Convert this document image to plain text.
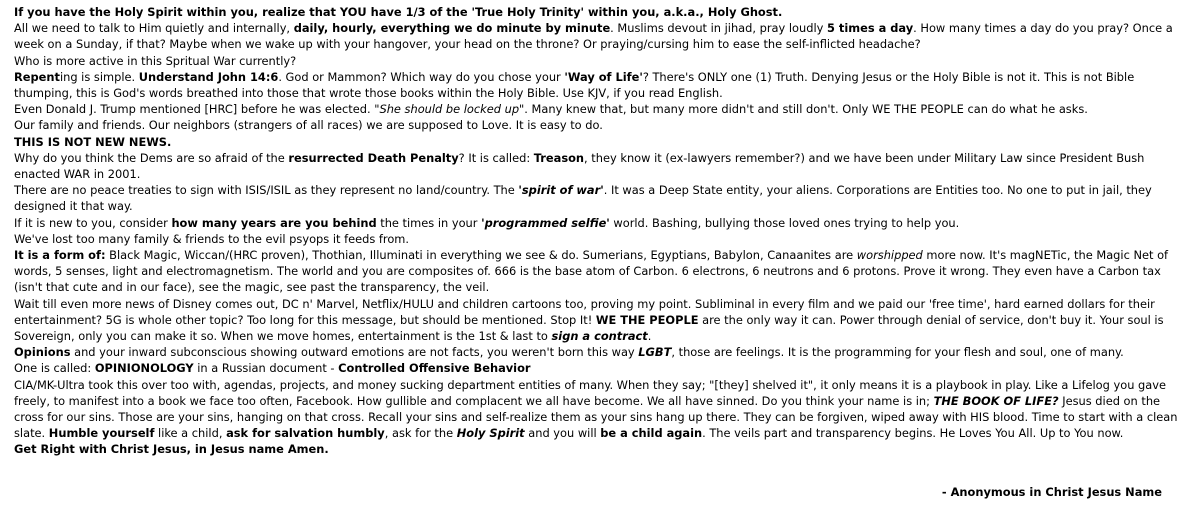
If you have the Holy Spirit within you, realize that YOU have 1/3 of the 'True Holy Trinity' within you, a.k.a., Holy Ghost.

All we need to talk to Him quietly and internally, daily, hourly, everything we do minute by minute. Muslims devout in jihad, pray loudly 5 times a day. How many times a day do you pray? Once a week on a Sunday, if that? Maybe when we wake up with your hangover, your head on the throne? Or praying/cursing him to ease the self-inflicted headache?

Who is more active in this Spritual War currently?

Repenting is simple. Understand John 14:6. God or Mammon? Which way do you chose your 'Way of Life'? There's ONLY one (1) Truth. Denying Jesus or the Holy Bible is not it. This is not Bible thumping, this is God's words breathed into those that wrote those books within the Holy Bible. Use KJV, if you read English.

Even Donald J. Trump mentioned [HRC] before he was elected. "She should be locked up". Many knew that, but many more didn't and still don't. Only WE THE PEOPLE can do what he asks.

Our family and friends. Our neighbors (strangers of all races) we are supposed to Love. It is easy to do.

THIS IS NOT NEW NEWS.

Why do you think the Dems are so afraid of the resurrected Death Penalty? It is called: Treason, they know it (ex-lawyers remember?) and we have been under Military Law since President Bush enacted WAR in 2001.

There are no peace treaties to sign with ISIS/ISIL as they represent no land/country. The 'spirit of war'. It was a Deep State entity, your aliens. Corporations are Entities too. No one to put in jail, they designed it that way.

If it is new to you, consider how many years are you behind the times in your 'programmed selfie' world. Bashing, bullying those loved ones trying to help you.

We've lost too many family & friends to the evil psyops it feeds from.

It is a form of: Black Magic, Wiccan/(HRC proven), Thothian, Illuminati in everything we see & do. Sumerians, Egyptians, Babylon, Canaanites are worshipped more now. It's magNETic, the Magic Net of words, 5 senses, light and electromagnetism. The world and you are composites of. 666 is the base atom of Carbon. 6 electrons, 6 neutrons and 6 protons. Prove it wrong. They even have a Carbon tax (isn't that cute and in our face), see the magic, see past the transparency, the veil.

Wait till even more news of Disney comes out, DC n' Marvel, Netflix/HULU and children cartoons too, proving my point. Subliminal in every film and we paid our 'free time', hard earned dollars for their entertainment? 5G is whole other topic? Too long for this message, but should be mentioned. Stop It! WE THE PEOPLE are the only way it can. Power through denial of service, don't buy it. Your soul is Sovereign, only you can make it so. When we move homes, entertainment is the 1st & last to sign a contract.

Opinions and your inward subconscious showing outward emotions are not facts, you weren't born this way LGBT, those are feelings. It is the programming for your flesh and soul, one of many.

One is called: OPINIONOLOGY in a Russian document - Controlled Offensive Behavior

CIA/MK-Ultra took this over too with, agendas, projects, and money sucking department entities of many. When they say; "[they] shelved it", it only means it is a playbook in play. Like a Lifelog you gave freely, to manifest into a book we face too often, Facebook. How gullible and complacent we all have become. We all have sinned. Do you think your name is in; THE BOOK OF LIFE? Jesus died on the cross for our sins. Those are your sins, hanging on that cross. Recall your sins and self-realize them as your sins hang up there. They can be forgiven, wiped away with HIS blood. Time to start with a clean slate. Humble yourself like a child, ask for salvation humbly, ask for the Holy Spirit and you will be a child again. The veils part and transparency begins. He Loves You All. Up to You now.

Get Right with Christ Jesus, in Jesus name Amen.

- Anonymous in Christ Jesus Name
